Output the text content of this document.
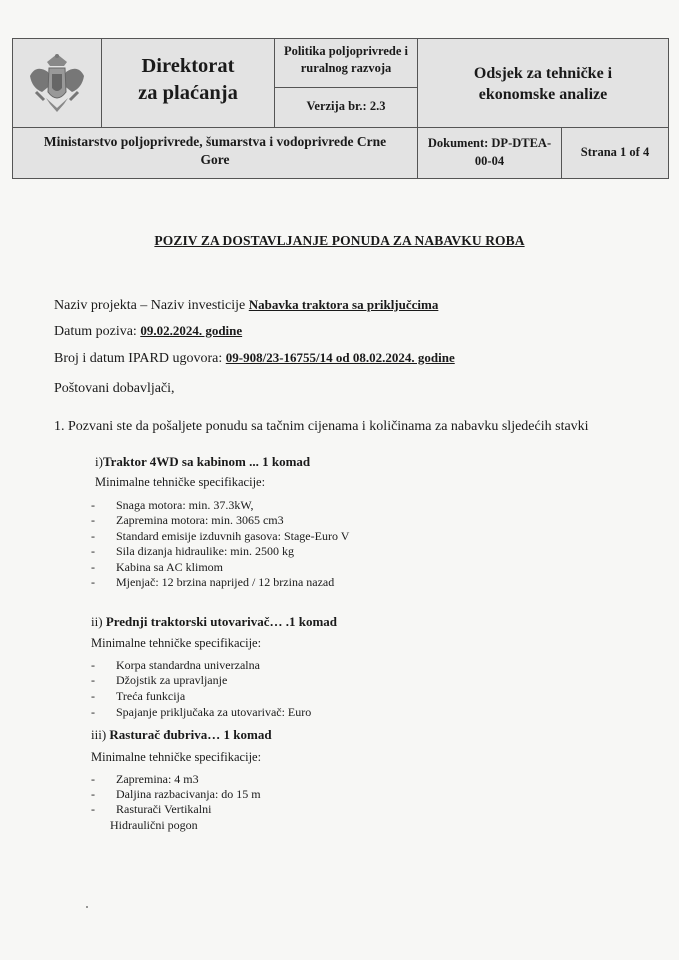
Direktorat
za plaćanja
Politika poljoprivrede i
ruralnog razvoja
Verzija br.: 2.3
Odsjek za tehničke i
ekonomske analize
Ministarstvo poljoprivrede, šumarstva i vodoprivrede Crne
Gore
Dokument: DP-DTEA-
00-04
Strana 1 of 4
POZIV ZA DOSTAVLJANJE PONUDA ZA NABAVKU ROBA
Naziv projekta – Naziv investicije Nabavka traktora sa priključcima
Datum poziva: 09.02.2024. godine
Broj i datum IPARD ugovora: 09-908/23-16755/14 od 08.02.2024. godine
Poštovani dobavljači,
1. Pozvani ste da pošaljete ponudu sa tačnim cijenama i količinama za nabavku sljedećih stavki
i)Traktor 4WD sa kabinom ... 1 komad
Minimalne tehničke specifikacije:
- Snaga motora: min. 37.3kW,
- Zapremina motora: min. 3065 cm3
- Standard emisije izduvnih gasova: Stage-Euro V
- Sila dizanja hidraulike: min. 2500 kg
- Kabina sa AC klimom
- Mjenjač: 12 brzina naprijed / 12 brzina nazad
ii) Prednji traktorski utovarivač… .1 komad
Minimalne tehničke specifikacije:
- Korpa standardna univerzalna
- Džojstik za upravljanje
- Treća funkcija
- Spajanje priključaka za utovarivač: Euro
iii) Rasturač đubriva… 1 komad
Minimalne tehničke specifikacije:
- Zapremina: 4 m3
- Daljina razbacivanja: do 15 m
- Rasturači Vertikalni
Hidraulični pogon
